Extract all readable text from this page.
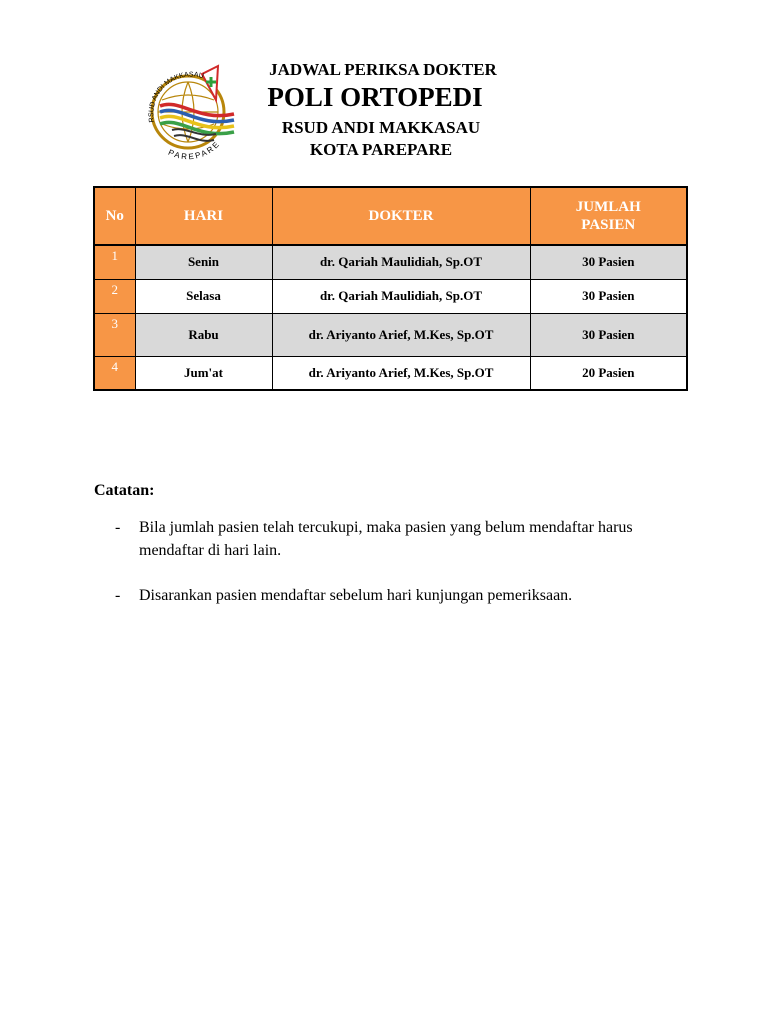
RSUD ANDI MAKKASAU
PAREPARE
JADWAL PERIKSA DOKTER
POLI ORTOPEDI
RSUD ANDI MAKKASAU
KOTA PAREPARE
No	HARI	DOKTER	JUMLAH PASIEN

1	Senin	dr. Qariah Maulidiah, Sp.OT	30 Pasien
2	Selasa	dr. Qariah Maulidiah, Sp.OT	30 Pasien
3	Rabu	dr. Ariyanto Arief, M.Kes, Sp.OT	30 Pasien
4	Jum'at	dr. Ariyanto Arief, M.Kes, Sp.OT	20 Pasien
Catatan:
- Bila jumlah pasien telah tercukupi, maka pasien yang belum mendaftar harus mendaftar di hari lain.
- Disarankan pasien mendaftar sebelum hari kunjungan pemeriksaan.
